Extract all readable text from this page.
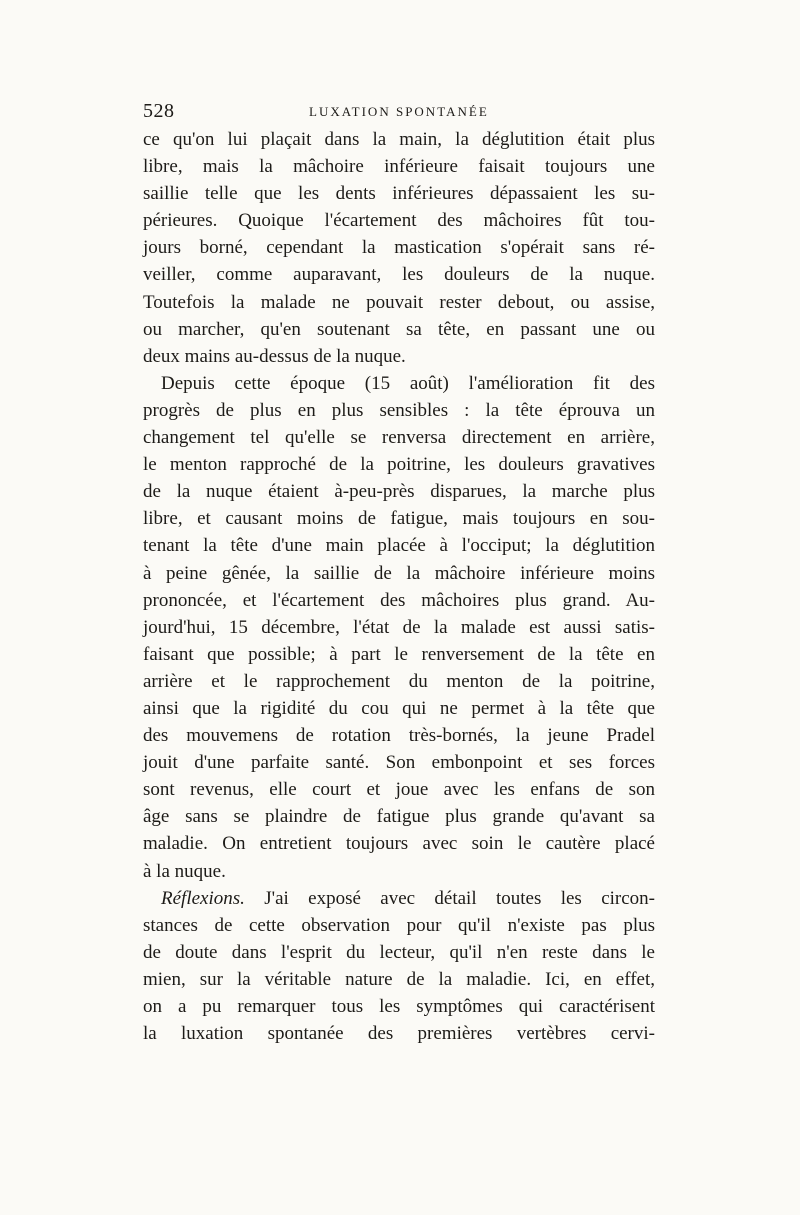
528	LUXATION SPONTANÉE
ce qu'on lui plaçait dans la main, la déglutition était plus
libre, mais la mâchoire inférieure faisait toujours une
saillie telle que les dents inférieures dépassaient les su-
périeures. Quoique l'écartement des mâchoires fût tou-
jours borné, cependant la mastication s'opérait sans ré-
veiller, comme auparavant, les douleurs de la nuque.
Toutefois la malade ne pouvait rester debout, ou assise,
ou marcher, qu'en soutenant sa tête, en passant une ou
deux mains au-dessus de la nuque.
Depuis cette époque (15 août) l'amélioration fit des
progrès de plus en plus sensibles : la tête éprouva un
changement tel qu'elle se renversa directement en arrière,
le menton rapproché de la poitrine, les douleurs gravatives
de la nuque étaient à-peu-près disparues, la marche plus
libre, et causant moins de fatigue, mais toujours en sou-
tenant la tête d'une main placée à l'occiput; la déglutition
à peine gênée, la saillie de la mâchoire inférieure moins
prononcée, et l'écartement des mâchoires plus grand. Au-
jourd'hui, 15 décembre, l'état de la malade est aussi satis-
faisant que possible; à part le renversement de la tête en
arrière et le rapprochement du menton de la poitrine,
ainsi que la rigidité du cou qui ne permet à la tête que
des mouvemens de rotation très-bornés, la jeune Pradel
jouit d'une parfaite santé. Son embonpoint et ses forces
sont revenus, elle court et joue avec les enfans de son
âge sans se plaindre de fatigue plus grande qu'avant sa
maladie. On entretient toujours avec soin le cautère placé
à la nuque.
Réflexions. J'ai exposé avec détail toutes les circon-
stances de cette observation pour qu'il n'existe pas plus
de doute dans l'esprit du lecteur, qu'il n'en reste dans le
mien, sur la véritable nature de la maladie. Ici, en effet,
on a pu remarquer tous les symptômes qui caractérisent
la luxation spontanée des premières vertèbres cervi-
